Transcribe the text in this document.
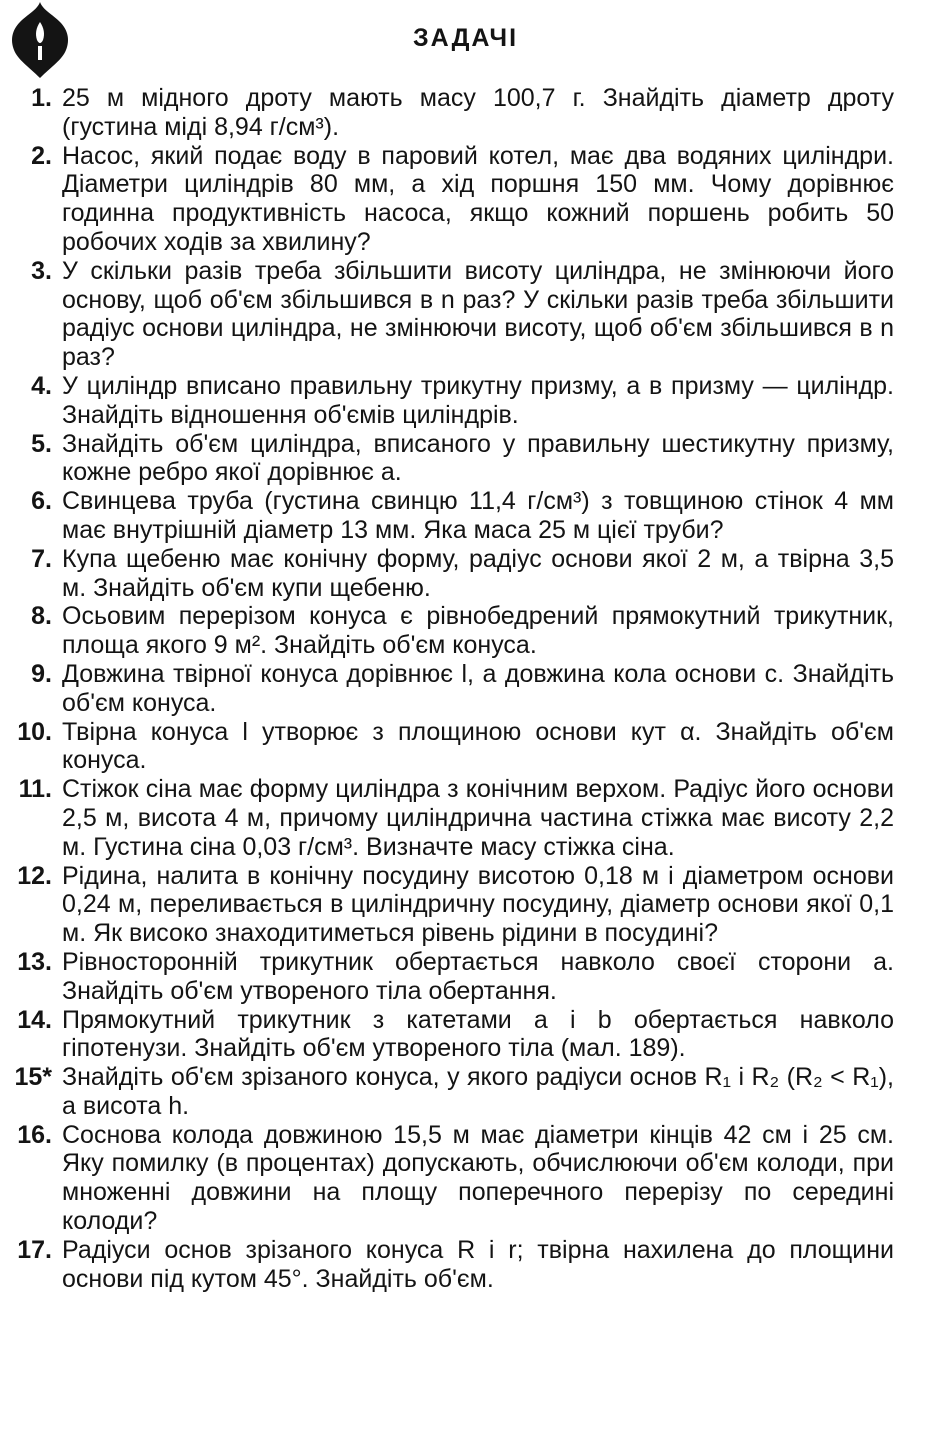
ЗАДАЧІ
1. 25 м мідного дроту мають масу 100,7 г. Знайдіть діаметр дроту (густина міді 8,94 г/см³).
2. Насос, який подає воду в паровий котел, має два водяних циліндри. Діаметри циліндрів 80 мм, а хід поршня 150 мм. Чому дорівнює годинна продуктивність насоса, якщо кожний поршень робить 50 робочих ходів за хвилину?
3. У скільки разів треба збільшити висоту циліндра, не змінюючи його основу, щоб об'єм збільшився в n раз? У скільки разів треба збільшити радіус основи циліндра, не змінюючи висоту, щоб об'єм збільшився в n раз?
4. У циліндр вписано правильну трикутну призму, а в призму — циліндр. Знайдіть відношення об'ємів циліндрів.
5. Знайдіть об'єм циліндра, вписаного у правильну шестикутну призму, кожне ребро якої дорівнює a.
6. Свинцева труба (густина свинцю 11,4 г/см³) з товщиною стінок 4 мм має внутрішній діаметр 13 мм. Яка маса 25 м цієї труби?
7. Купа щебеню має конічну форму, радіус основи якої 2 м, а твірна 3,5 м. Знайдіть об'єм купи щебеню.
8. Осьовим перерізом конуса є рівнобедрений прямокутний трикутник, площа якого 9 м². Знайдіть об'єм конуса.
9. Довжина твірної конуса дорівнює l, а довжина кола основи c. Знайдіть об'єм конуса.
10. Твірна конуса l утворює з площиною основи кут α. Знайдіть об'єм конуса.
11. Стіжок сіна має форму циліндра з конічним верхом. Радіус його основи 2,5 м, висота 4 м, причому циліндрична частина стіжка має висоту 2,2 м. Густина сіна 0,03 г/см³. Визначте масу стіжка сіна.
12. Рідина, налита в конічну посудину висотою 0,18 м і діаметром основи 0,24 м, переливається в циліндричну посудину, діаметр основи якої 0,1 м. Як високо знаходитиметься рівень рідини в посудині?
13. Рівносторонній трикутник обертається навколо своєї сторони a. Знайдіть об'єм утвореного тіла обертання.
14. Прямокутний трикутник з катетами a і b обертається навколо гіпотенузи. Знайдіть об'єм утвореного тіла (мал. 189).
15* Знайдіть об'єм зрізаного конуса, у якого радіуси основ R₁ і R₂ (R₂ < R₁), а висота h.
16. Соснова колода довжиною 15,5 м має діаметри кінців 42 см і 25 см. Яку помилку (в процентах) допускають, обчислюючи об'єм колоди, при множенні довжини на площу поперечного перерізу по середині колоди?
17. Радіуси основ зрізаного конуса R і r; твірна нахилена до площини основи під кутом 45°. Знайдіть об'єм.
